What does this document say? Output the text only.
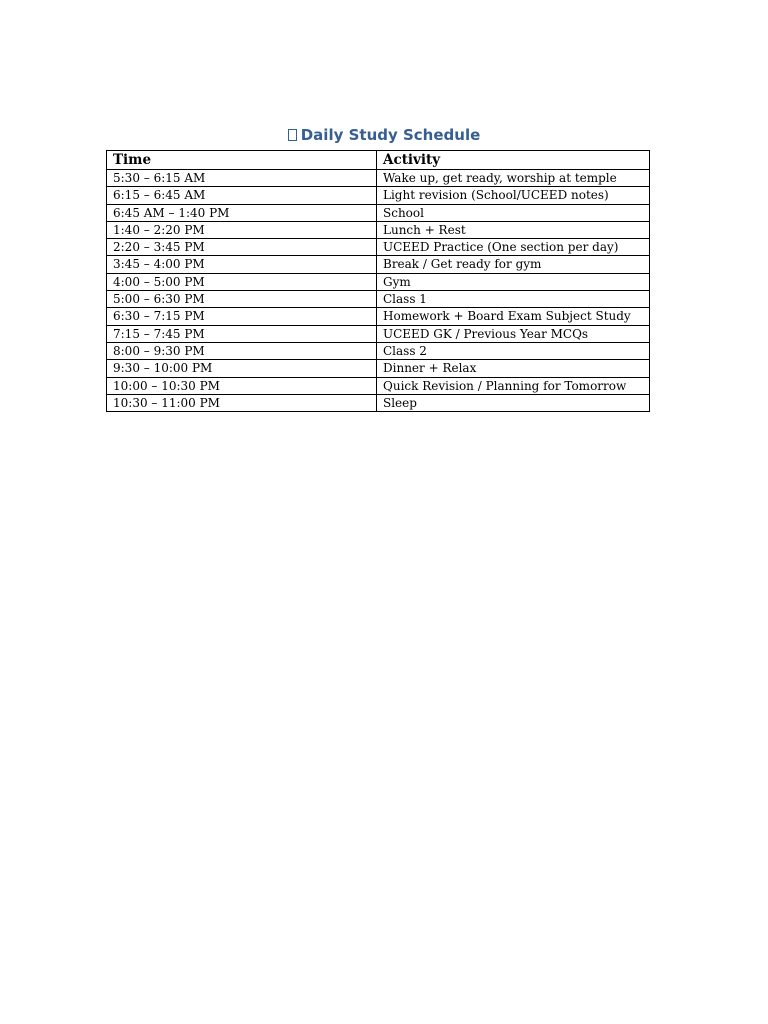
Daily Study Schedule
Time	Activity
5:30 – 6:15 AM	Wake up, get ready, worship at temple
6:15 – 6:45 AM	Light revision (School/UCEED notes)
6:45 AM – 1:40 PM	School
1:40 – 2:20 PM	Lunch + Rest
2:20 – 3:45 PM	UCEED Practice (One section per day)
3:45 – 4:00 PM	Break / Get ready for gym
4:00 – 5:00 PM	Gym
5:00 – 6:30 PM	Class 1
6:30 – 7:15 PM	Homework + Board Exam Subject Study
7:15 – 7:45 PM	UCEED GK / Previous Year MCQs
8:00 – 9:30 PM	Class 2
9:30 – 10:00 PM	Dinner + Relax
10:00 – 10:30 PM	Quick Revision / Planning for Tomorrow
10:30 – 11:00 PM	Sleep
